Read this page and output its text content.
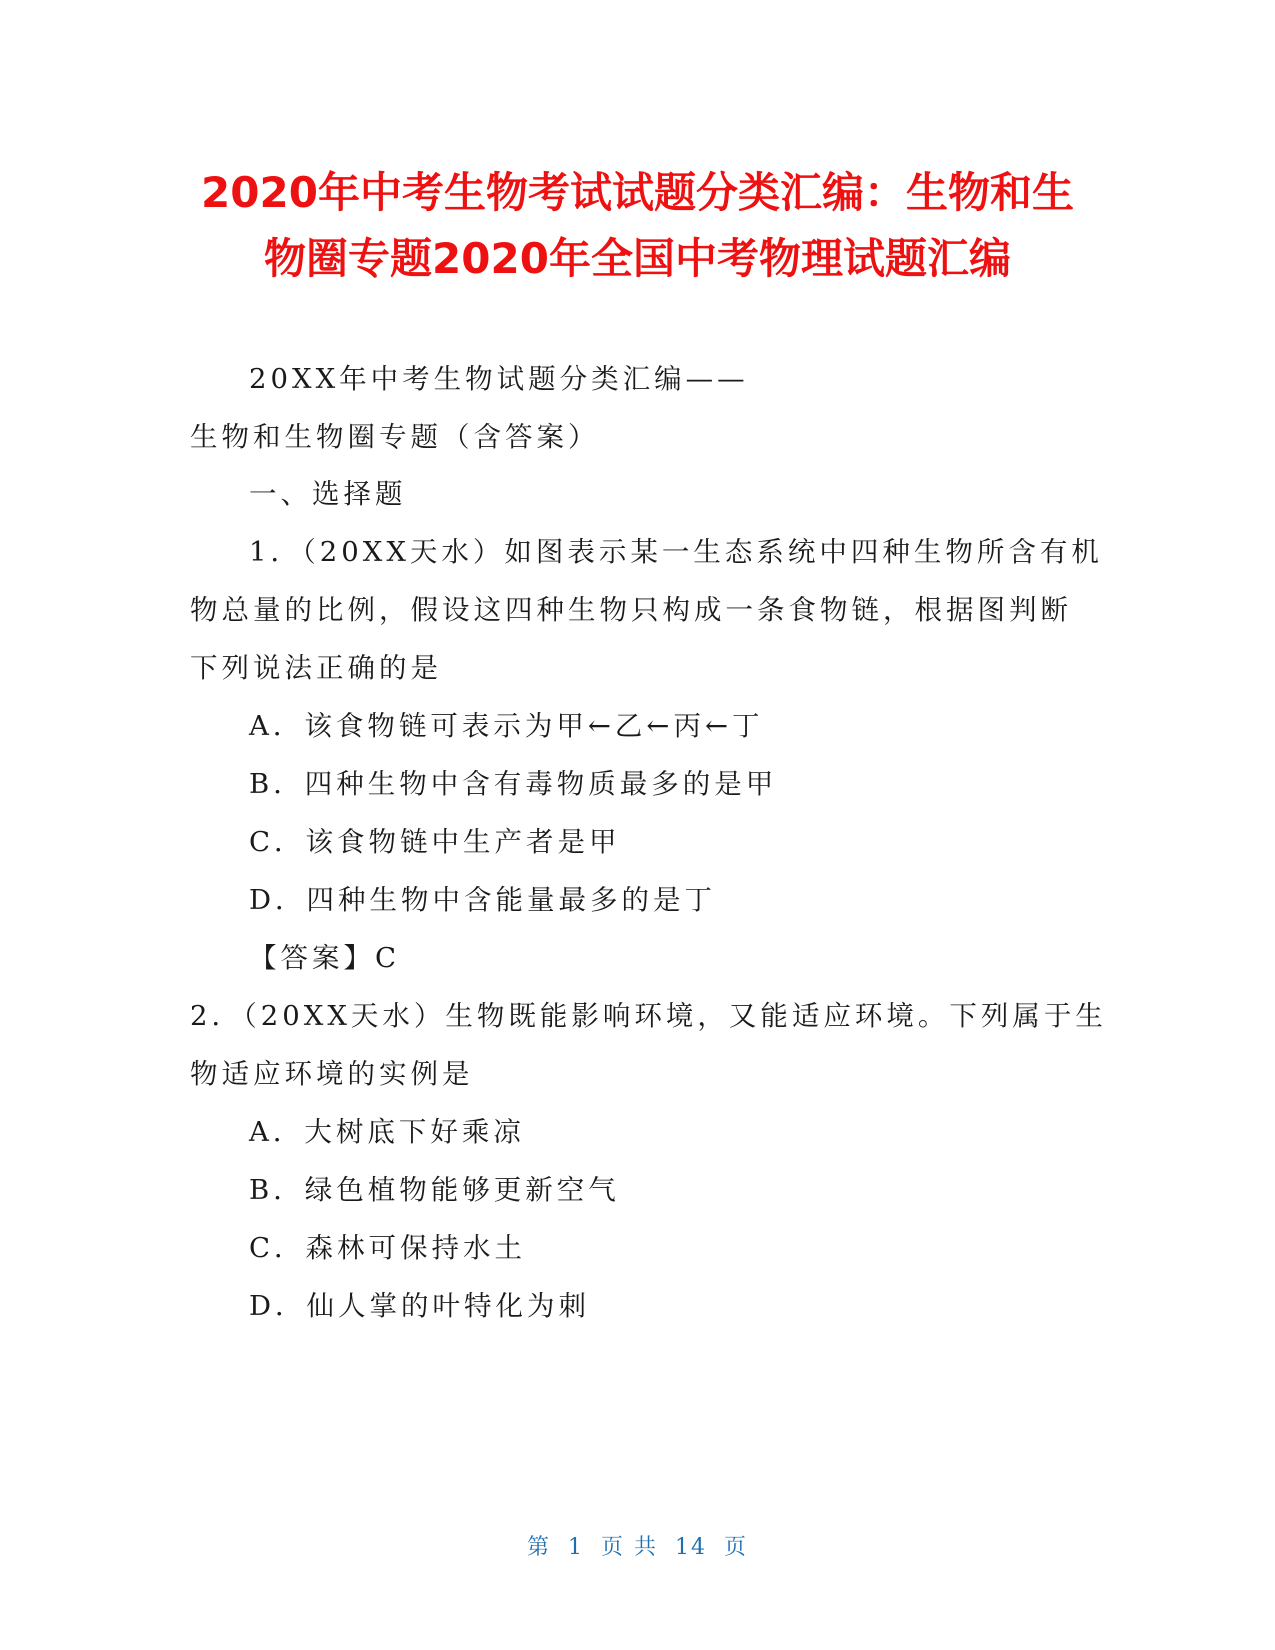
2020年中考生物考试试题分类汇编：生物和生
物圈专题2020年全国中考物理试题汇编

20XX年中考生物试题分类汇编——

生物和生物圈专题（含答案）

一、选择题

1．（20XX天水）如图表示某一生态系统中四种生物所含有机

物总量的比例，假设这四种生物只构成一条食物链，根据图判断

下列说法正确的是

A．该食物链可表示为甲←乙←丙←丁

B．四种生物中含有毒物质最多的是甲

C．该食物链中生产者是甲

D．四种生物中含能量最多的是丁

【答案】C

2．（20XX天水）生物既能影响环境，又能适应环境。下列属于生

物适应环境的实例是

A．大树底下好乘凉

B．绿色植物能够更新空气

C．森林可保持水土

D．仙人掌的叶特化为刺

第 1 页 共 14 页
